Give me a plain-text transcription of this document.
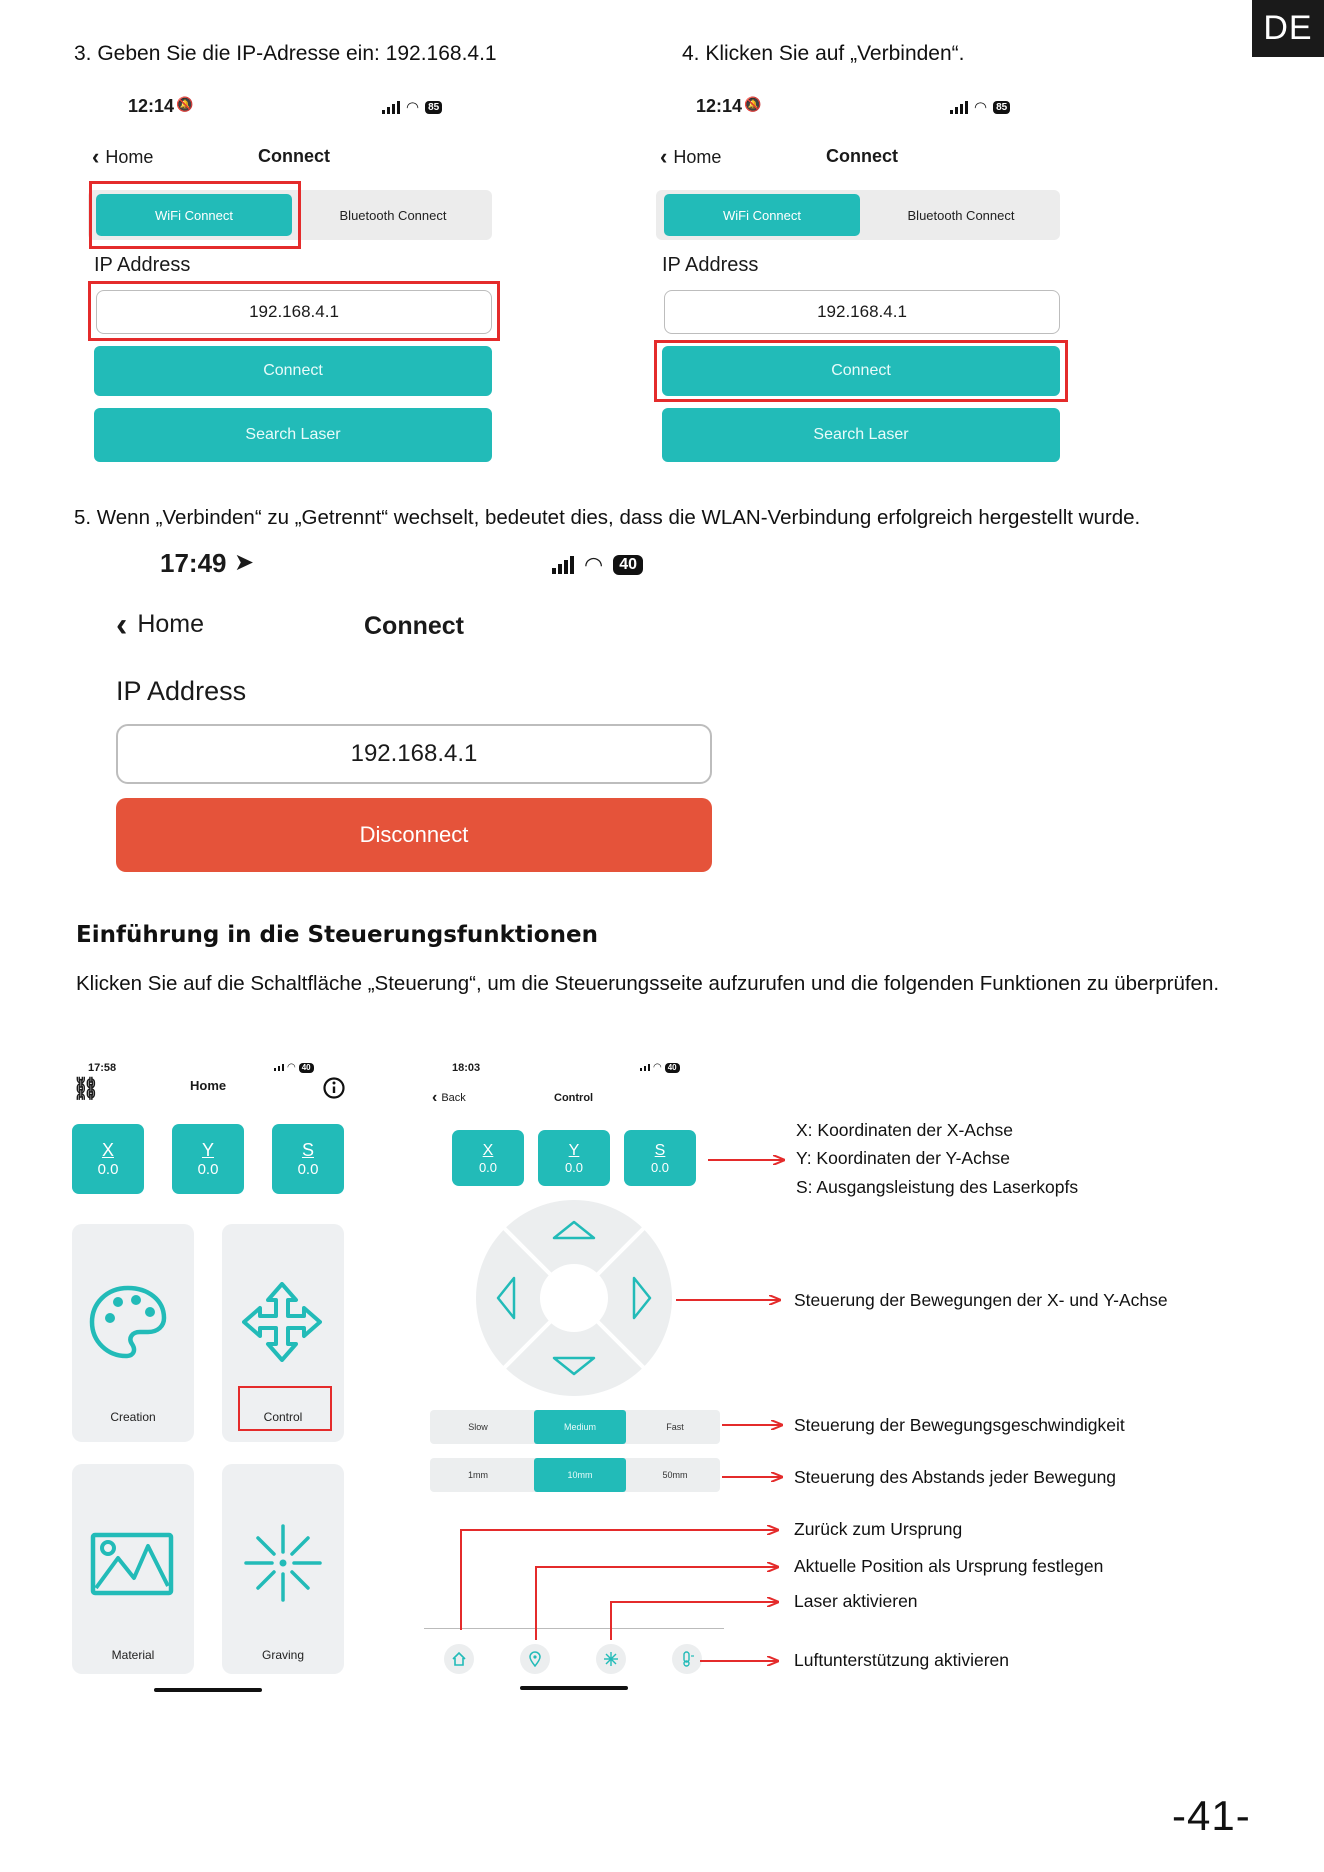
DE
3. Geben Sie die IP-Adresse ein: 192.168.4.1	4. Klicken Sie auf „Verbinden“.
12:14 🔕	◠ 85
‹ Home	Connect
WiFi Connect	Bluetooth Connect
IP Address
192.168.4.1
Connect
Search Laser
12:14 🔕	◠ 85
‹ Home	Connect
WiFi Connect	Bluetooth Connect
IP Address
192.168.4.1
Connect
Search Laser
5. Wenn „Verbinden“ zu „Getrennt“ wechselt, bedeutet dies, dass die WLAN-Verbindung erfolgreich hergestellt wurde.
17:49 ➤	◠	40
‹ Home	Connect
IP Address
192.168.4.1
Disconnect
Einführung in die Steuerungsfunktionen
Klicken Sie auf die Schaltfläche „Steuerung“, um die Steuerungsseite aufzurufen und die folgenden Funktionen zu überprüfen.
17:58	◠ 40
⛓	Home
X
0.0
Y
0.0
S
0.0
Creation	Control
Material	Graving
18:03	◠ 40
‹ Back	Control
X
0.0
Y
0.0
S
0.0
Slow	Medium	Fast
1mm	10mm	50mm
X: Koordinaten der X-Achse
Y: Koordinaten der Y-Achse
S: Ausgangsleistung des Laserkopfs
Steuerung der Bewegungen der X- und Y-Achse
Steuerung der Bewegungsgeschwindigkeit
Steuerung des Abstands jeder Bewegung
Zurück zum Ursprung
Aktuelle Position als Ursprung festlegen
Laser aktivieren
Luftunterstützung aktivieren
-41-
